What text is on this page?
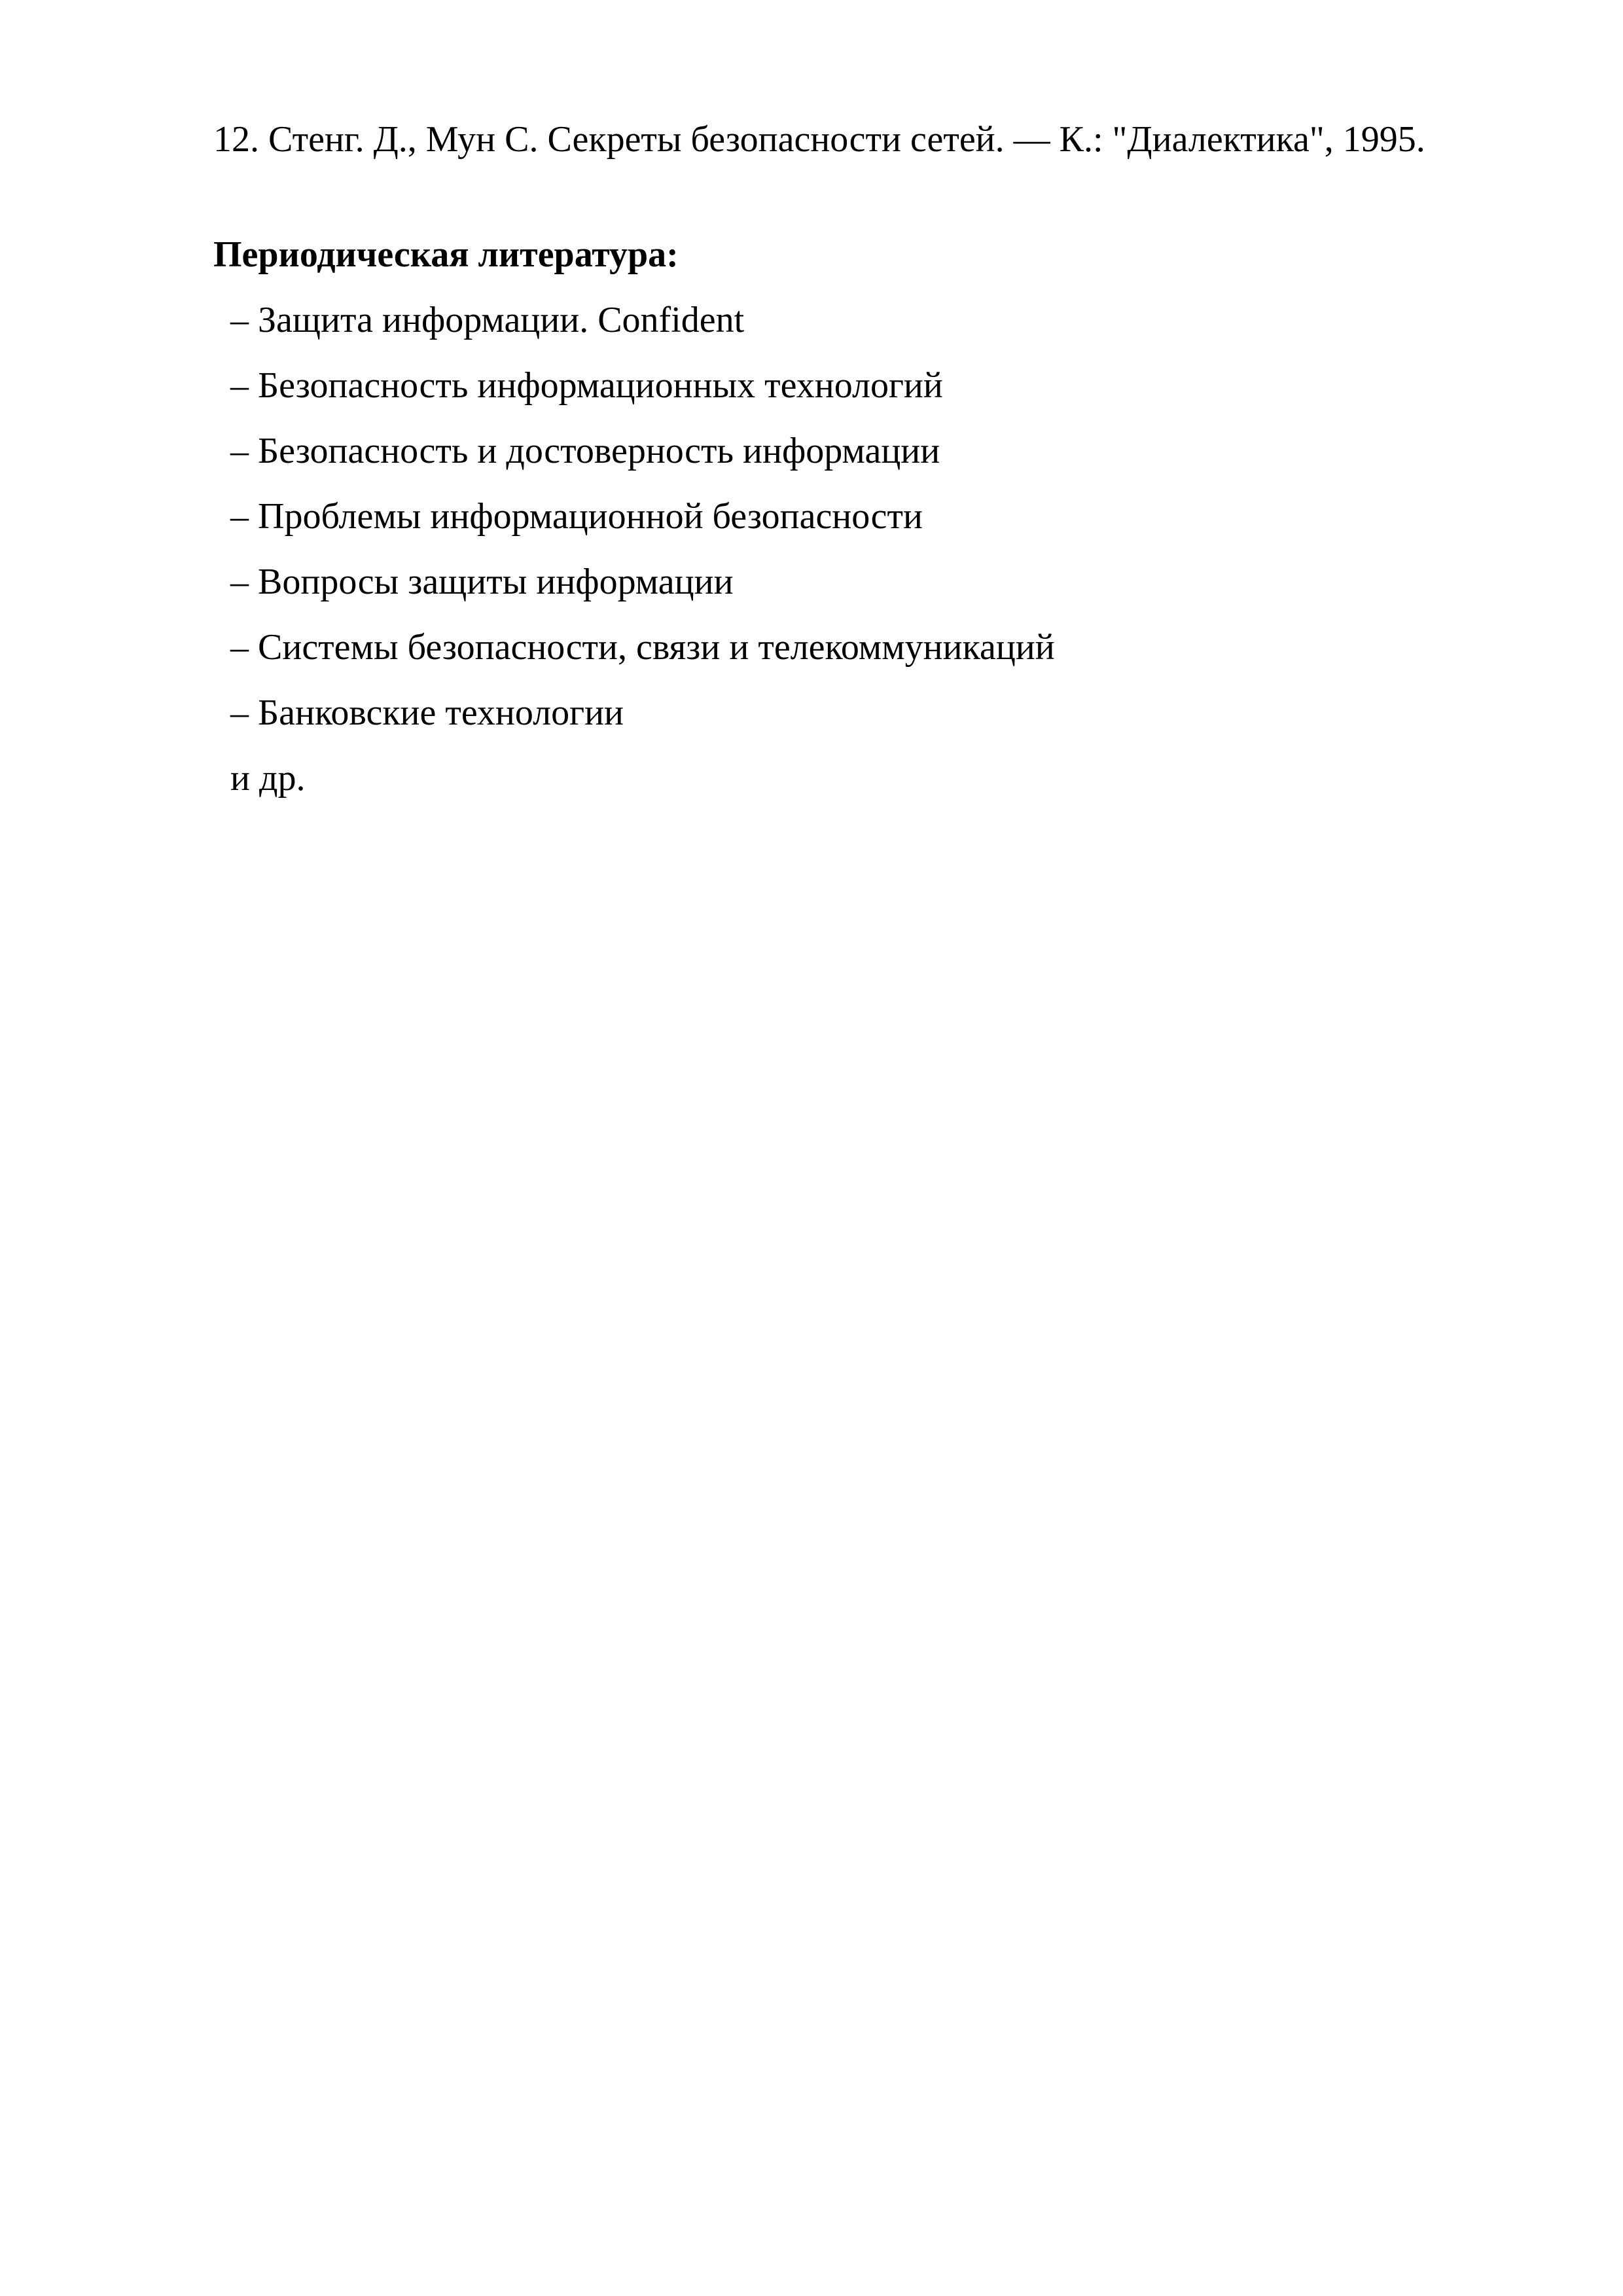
12. Стенг. Д., Мун С. Секреты безопасности сетей. — К.: "Диалектика", 1995.
Периодическая литература:
– Защита информации. Confident
– Безопасность информационных технологий
– Безопасность и достоверность информации
– Проблемы информационной безопасности
– Вопросы защиты информации
– Системы безопасности, связи и телекоммуникаций
– Банковские технологии
и др.
